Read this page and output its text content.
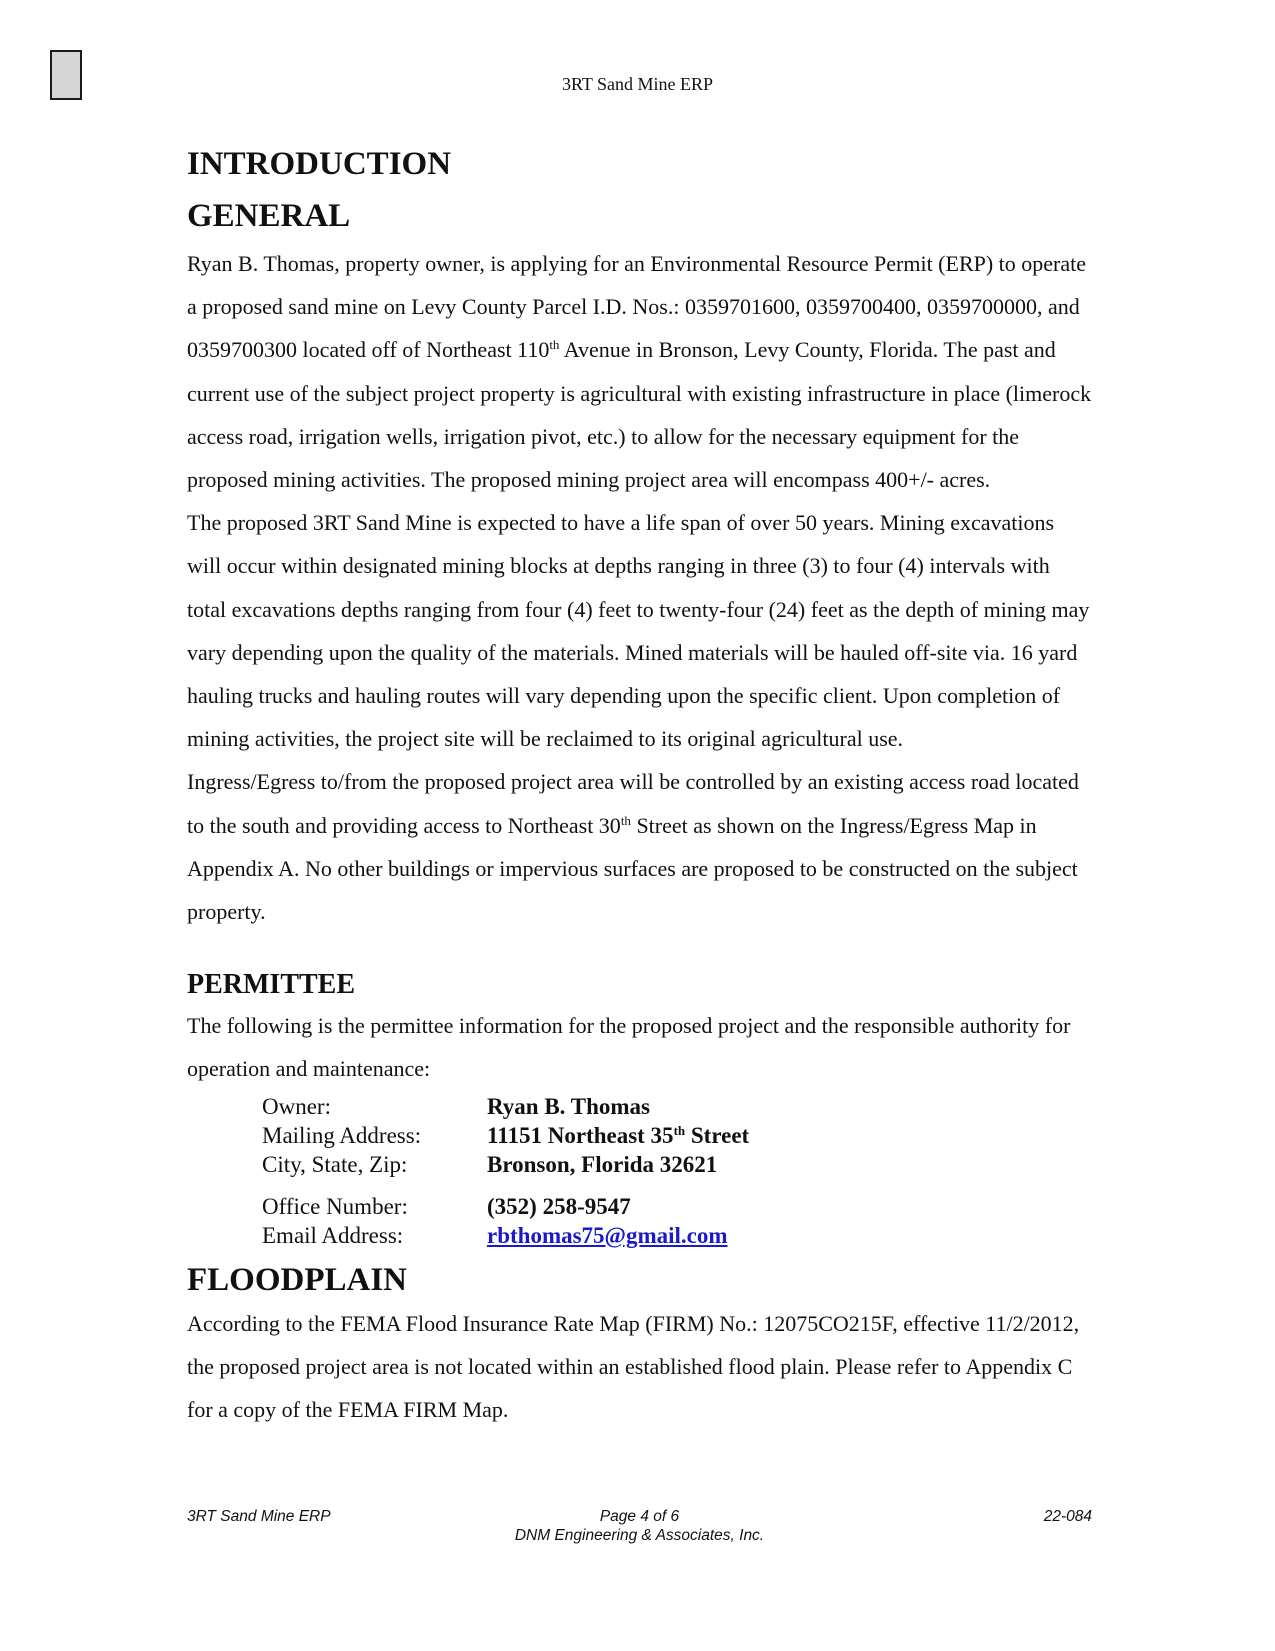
3RT Sand Mine ERP
INTRODUCTION
GENERAL

Ryan B. Thomas, property owner, is applying for an Environmental Resource Permit (ERP) to operate a proposed sand mine on Levy County Parcel I.D. Nos.: 0359701600, 0359700400, 0359700000, and 0359700300 located off of Northeast 110th Avenue in Bronson, Levy County, Florida. The past and current use of the subject project property is agricultural with existing infrastructure in place (limerock access road, irrigation wells, irrigation pivot, etc.) to allow for the necessary equipment for the proposed mining activities. The proposed mining project area will encompass 400+/- acres.

The proposed 3RT Sand Mine is expected to have a life span of over 50 years. Mining excavations will occur within designated mining blocks at depths ranging in three (3) to four (4) intervals with total excavations depths ranging from four (4) feet to twenty-four (24) feet as the depth of mining may vary depending upon the quality of the materials. Mined materials will be hauled off-site via. 16 yard hauling trucks and hauling routes will vary depending upon the specific client. Upon completion of mining activities, the project site will be reclaimed to its original agricultural use.

Ingress/Egress to/from the proposed project area will be controlled by an existing access road located to the south and providing access to Northeast 30th Street as shown on the Ingress/Egress Map in Appendix A. No other buildings or impervious surfaces are proposed to be constructed on the subject property.

PERMITTEE

The following is the permittee information for the proposed project and the responsible authority for operation and maintenance:

Owner:	Ryan B. Thomas
Mailing Address:	11151 Northeast 35th Street
City, State, Zip:	Bronson, Florida 32621
Office Number:	(352) 258-9547
Email Address:	rbthomas75@gmail.com
FLOODPLAIN

According to the FEMA Flood Insurance Rate Map (FIRM) No.: 12075CO215F, effective 11/2/2012, the proposed project area is not located within an established flood plain. Please refer to Appendix C for a copy of the FEMA FIRM Map.

3RT Sand Mine ERP	Page 4 of 6	22-084
DNM Engineering & Associates, Inc.
